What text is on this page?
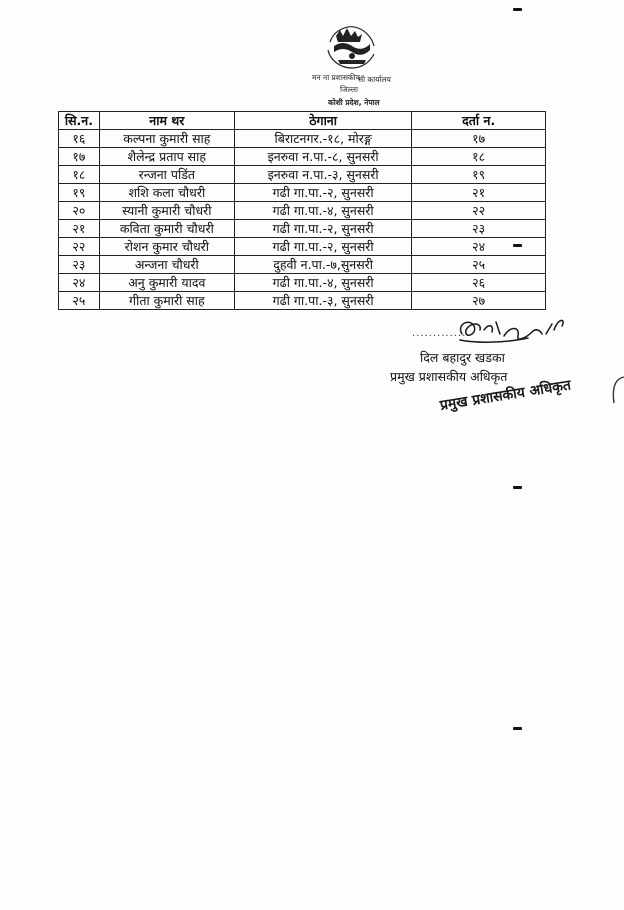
मन ना प्रशासकीय
सी कार्यालय
जिल्ला
कोशी प्रदेश, नेपाल
सि.न.	नाम थर	ठेगाना	दर्ता न.
१६	कल्पना कुमारी साह	बिराटनगर.-१८, मोरङ्ग	१७
१७	शैलेन्द्र प्रताप साह	इनरुवा न.पा.-८, सुनसरी	१८
१८	रन्जना पडिंत	इनरुवा न.पा.-३, सुनसरी	१९
१९	शशि कला चौधरी	गढी गा.पा.-२, सुनसरी	२१
२०	स्यानी कुमारी चौधरी	गढी गा.पा.-४, सुनसरी	२२
२१	कविता कुमारी चौधरी	गढी गा.पा.-२, सुनसरी	२३
२२	रोशन कुमार चौधरी	गढी गा.पा.-२, सुनसरी	२४
२३	अन्जना चौधरी	दुहवी न.पा.-७,सुनसरी	२५
२४	अनु कुमारी यादव	गढी गा.पा.-४, सुनसरी	२६
२५	गीता कुमारी साह	गढी गा.पा.-३, सुनसरी	२७
..............
दिल बहादुर खडका
प्रमुख प्रशासकीय अधिकृत
प्रमुख प्रशासकीय अधिकृत
